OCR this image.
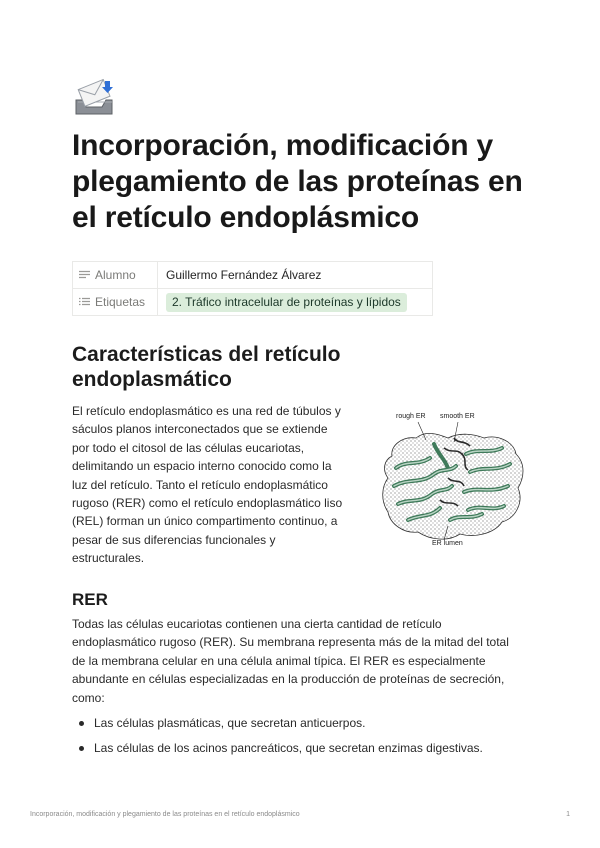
Incorporación, modificación y plegamiento de las proteínas en el retículo endoplásmico
Alumno	Guillermo Fernández Álvarez
Etiquetas	2. Tráfico intracelular de proteínas y lípidos
Características del retículo endoplasmático

El retículo endoplasmático es una red de túbulos y sáculos planos interconectados que se extiende por todo el citosol de las células eucariotas, delimitando un espacio interno conocido como la luz del retículo. Tanto el retículo endoplasmático rugoso (RER) como el retículo endoplasmático liso (REL) forman un único compartimento continuo, a pesar de sus diferencias funcionales y estructurales.

rough ER smooth ER
ER lumen
RER

Todas las células eucariotas contienen una cierta cantidad de retículo endoplasmático rugoso (RER). Su membrana representa más de la mitad del total de la membrana celular en una célula animal típica. El RER es especialmente abundante en células especializadas en la producción de proteínas de secreción, como:

Las células plasmáticas, que secretan anticuerpos.
Las células de los acinos pancreáticos, que secretan enzimas digestivas.
Incorporación, modificación y plegamiento de las proteínas en el retículo endoplásmico	1
